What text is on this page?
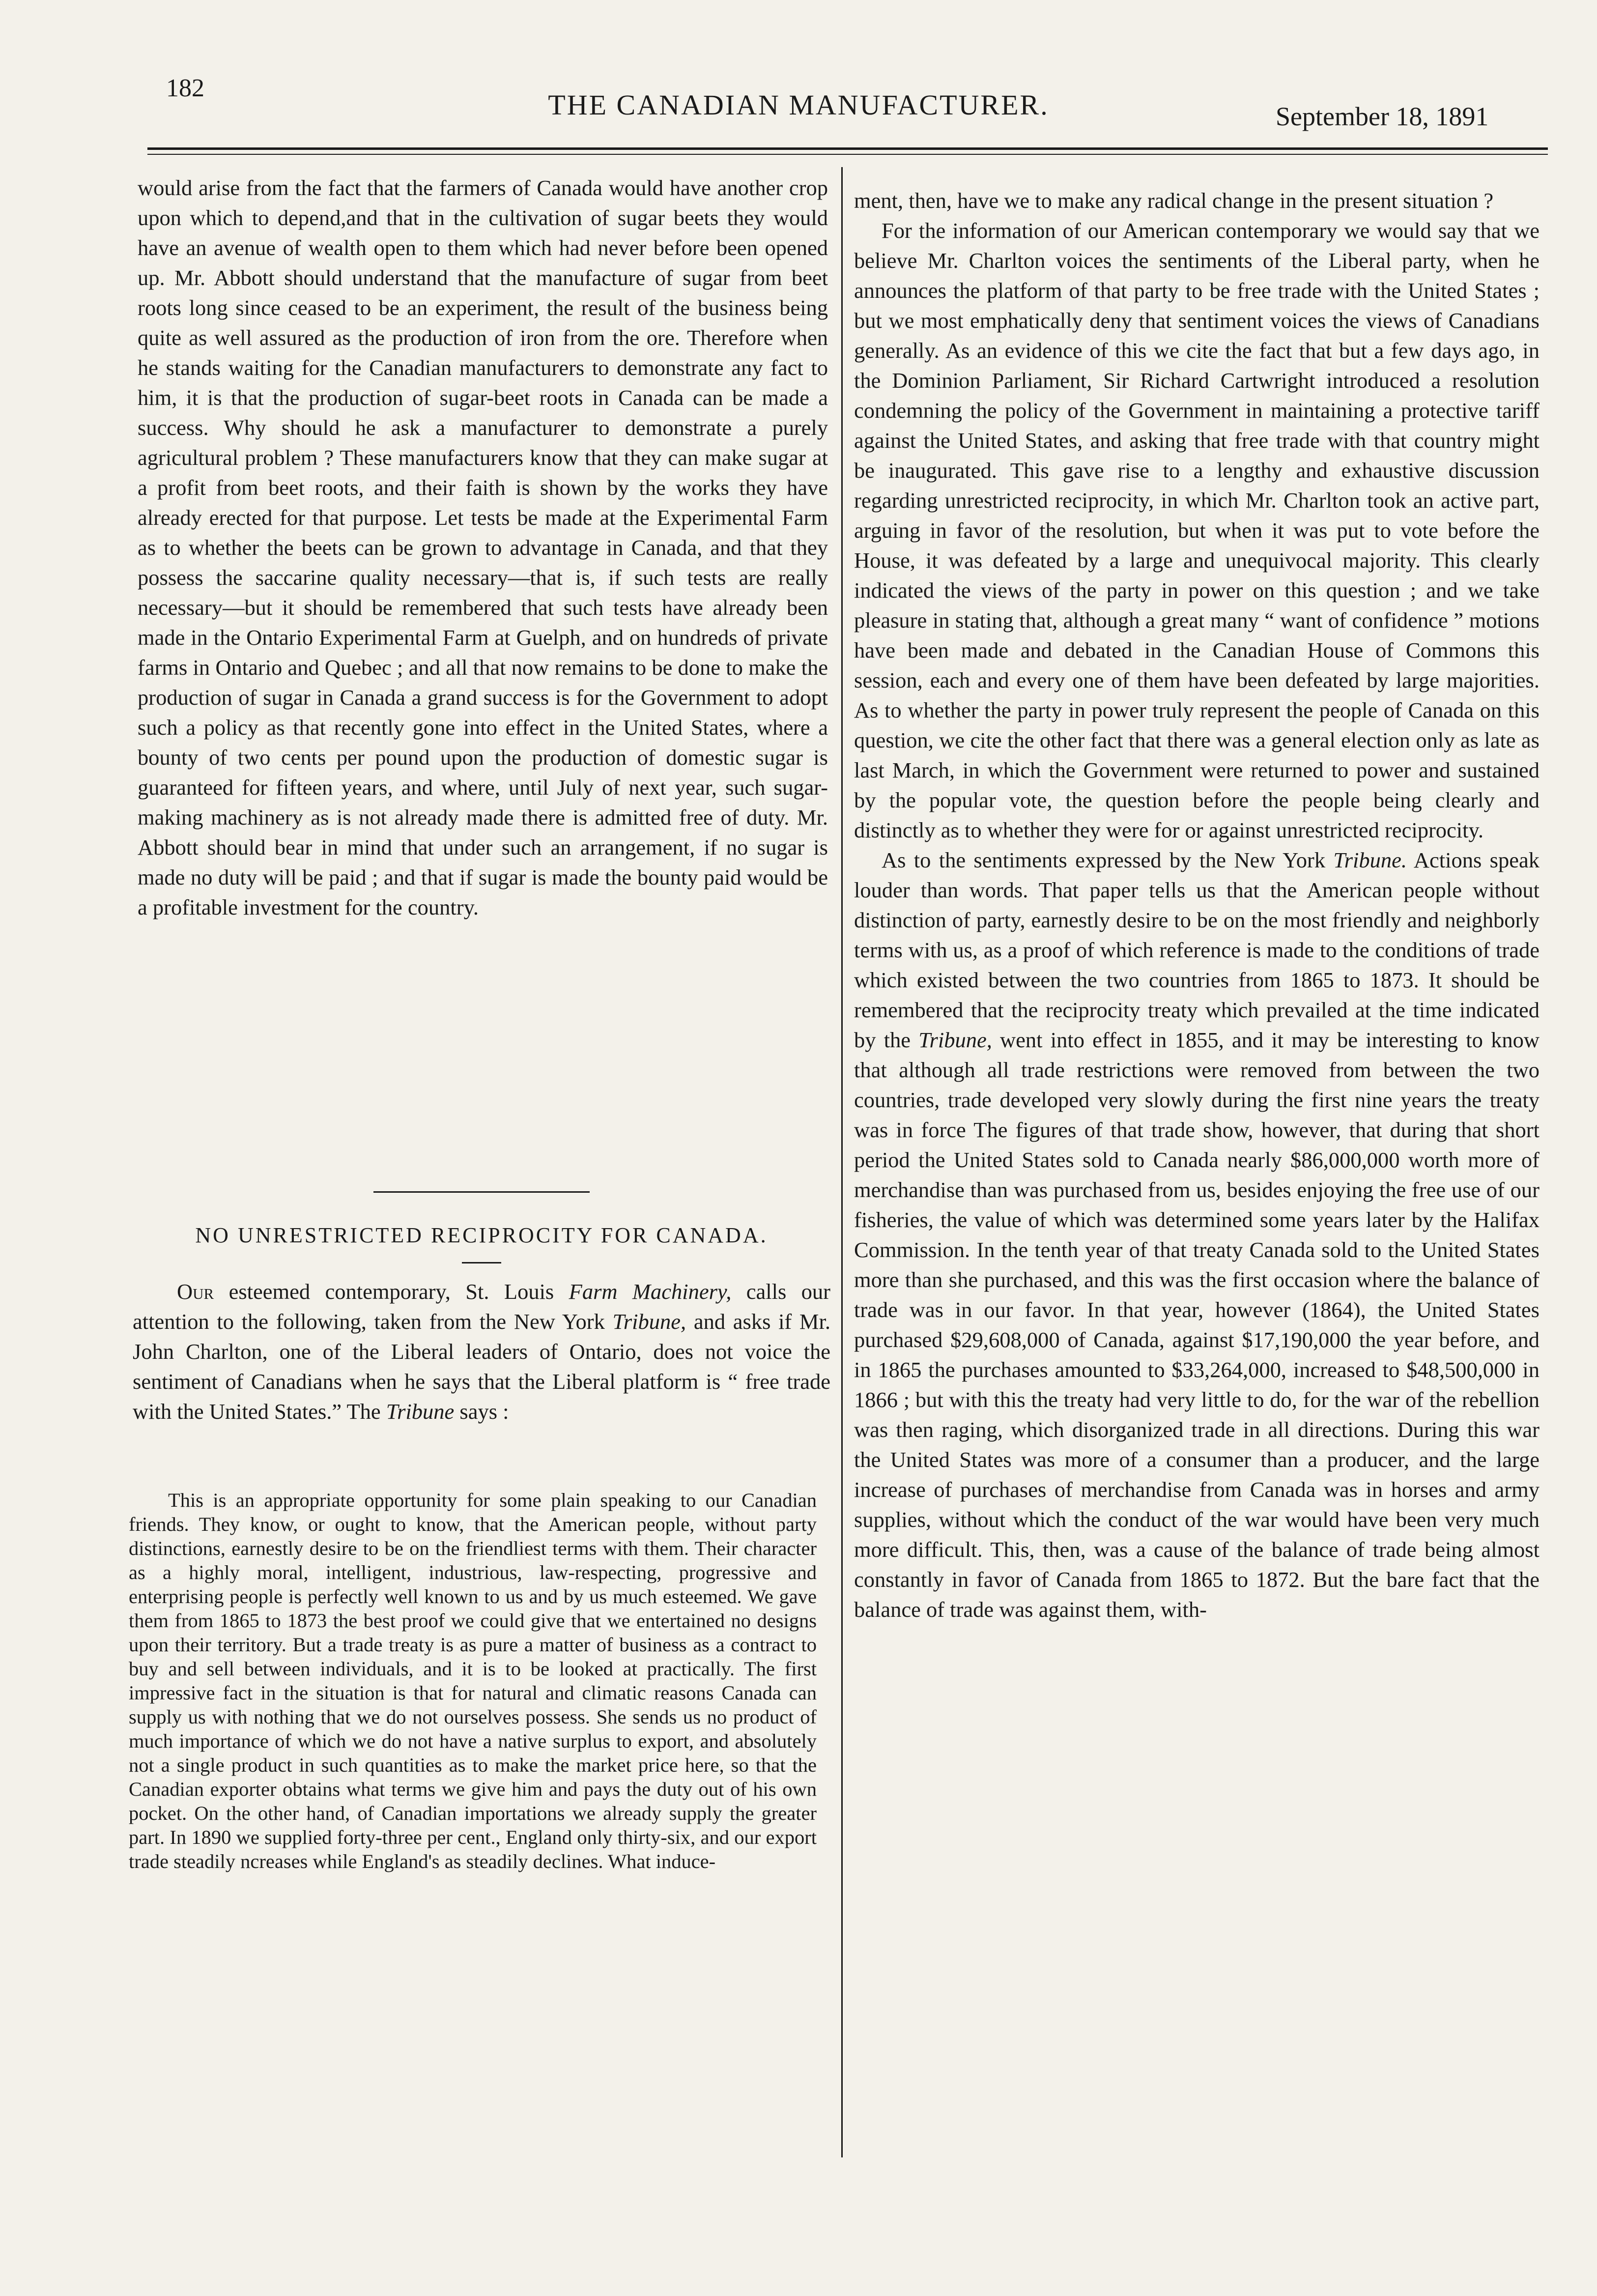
182
THE CANADIAN MANUFACTURER.	September 18, 1891

would arise from the fact that the farmers of Canada would have another crop upon which to depend,and that in the cultivation of sugar beets they would have an avenue of wealth open to them which had never before been opened up. Mr. Abbott should understand that the manufacture of sugar from beet roots long since ceased to be an experiment, the result of the business being quite as well assured as the production of iron from the ore. Therefore when he stands waiting for the Canadian manufacturers to demonstrate any fact to him, it is that the production of sugar-beet roots in Canada can be made a success. Why should he ask a manufacturer to demonstrate a purely agricultural problem ? These manufacturers know that they can make sugar at a profit from beet roots, and their faith is shown by the works they have already erected for that purpose. Let tests be made at the Experimental Farm as to whether the beets can be grown to advantage in Canada, and that they possess the saccarine quality necessary—that is, if such tests are really necessary—but it should be remembered that such tests have already been made in the Ontario Experimental Farm at Guelph, and on hundreds of private farms in Ontario and Quebec ; and all that now remains to be done to make the production of sugar in Canada a grand success is for the Government to adopt such a policy as that recently gone into effect in the United States, where a bounty of two cents per pound upon the production of domestic sugar is guaranteed for fifteen years, and where, until July of next year, such sugar-making machinery as is not already made there is admitted free of duty. Mr. Abbott should bear in mind that under such an arrangement, if no sugar is made no duty will be paid ; and that if sugar is made the bounty paid would be a profitable investment for the country.

NO UNRESTRICTED RECIPROCITY FOR CANADA.

Our esteemed contemporary, St. Louis Farm Machinery, calls our attention to the following, taken from the New York Tribune, and asks if Mr. John Charlton, one of the Liberal leaders of Ontario, does not voice the sentiment of Canadians when he says that the Liberal platform is “ free trade with the United States.” The Tribune says :

This is an appropriate opportunity for some plain speaking to our Canadian friends. They know, or ought to know, that the American people, without party distinctions, earnestly desire to be on the friendliest terms with them. Their character as a highly moral, intelligent, industrious, law-respecting, progressive and enterprising people is perfectly well known to us and by us much esteemed. We gave them from 1865 to 1873 the best proof we could give that we entertained no designs upon their territory. But a trade treaty is as pure a matter of business as a contract to buy and sell between individuals, and it is to be looked at practically. The first impressive fact in the situation is that for natural and climatic reasons Canada can supply us with nothing that we do not ourselves possess. She sends us no product of much importance of which we do not have a native surplus to export, and absolutely not a single product in such quantities as to make the market price here, so that the Canadian exporter obtains what terms we give him and pays the duty out of his own pocket. On the other hand, of Canadian importations we already supply the greater part. In 1890 we supplied forty-three per cent., England only thirty-six, and our export trade steadily ncreases while England's as steadily declines. What induce-

ment, then, have we to make any radical change in the present situation ?

For the information of our American contemporary we would say that we believe Mr. Charlton voices the sentiments of the Liberal party, when he announces the platform of that party to be free trade with the United States ; but we most emphatically deny that sentiment voices the views of Canadians generally. As an evidence of this we cite the fact that but a few days ago, in the Dominion Parliament, Sir Richard Cartwright introduced a resolution condemning the policy of the Government in maintaining a protective tariff against the United States, and asking that free trade with that country might be inaugurated. This gave rise to a lengthy and exhaustive discussion regarding unrestricted reciprocity, in which Mr. Charlton took an active part, arguing in favor of the resolution, but when it was put to vote before the House, it was defeated by a large and unequivocal majority. This clearly indicated the views of the party in power on this question ; and we take pleasure in stating that, although a great many “ want of confidence ” motions have been made and debated in the Canadian House of Commons this session, each and every one of them have been defeated by large majorities. As to whether the party in power truly represent the people of Canada on this question, we cite the other fact that there was a general election only as late as last March, in which the Government were returned to power and sustained by the popular vote, the question before the people being clearly and distinctly as to whether they were for or against unrestricted reciprocity.

As to the sentiments expressed by the New York Tribune. Actions speak louder than words. That paper tells us that the American people without distinction of party, earnestly desire to be on the most friendly and neighborly terms with us, as a proof of which reference is made to the conditions of trade which existed between the two countries from 1865 to 1873. It should be remembered that the reciprocity treaty which prevailed at the time indicated by the Tribune, went into effect in 1855, and it may be interesting to know that although all trade restrictions were removed from between the two countries, trade developed very slowly during the first nine years the treaty was in force The figures of that trade show, however, that during that short period the United States sold to Canada nearly $86,000,000 worth more of merchandise than was purchased from us, besides enjoying the free use of our fisheries, the value of which was determined some years later by the Halifax Commission. In the tenth year of that treaty Canada sold to the United States more than she purchased, and this was the first occasion where the balance of trade was in our favor. In that year, however (1864), the United States purchased $29,608,000 of Canada, against $17,190,000 the year before, and in 1865 the purchases amounted to $33,264,000, increased to $48,500,000 in 1866 ; but with this the treaty had very little to do, for the war of the rebellion was then raging, which disorganized trade in all directions. During this war the United States was more of a consumer than a producer, and the large increase of purchases of merchandise from Canada was in horses and army supplies, without which the conduct of the war would have been very much more difficult. This, then, was a cause of the balance of trade being almost constantly in favor of Canada from 1865 to 1872. But the bare fact that the balance of trade was against them, with-
